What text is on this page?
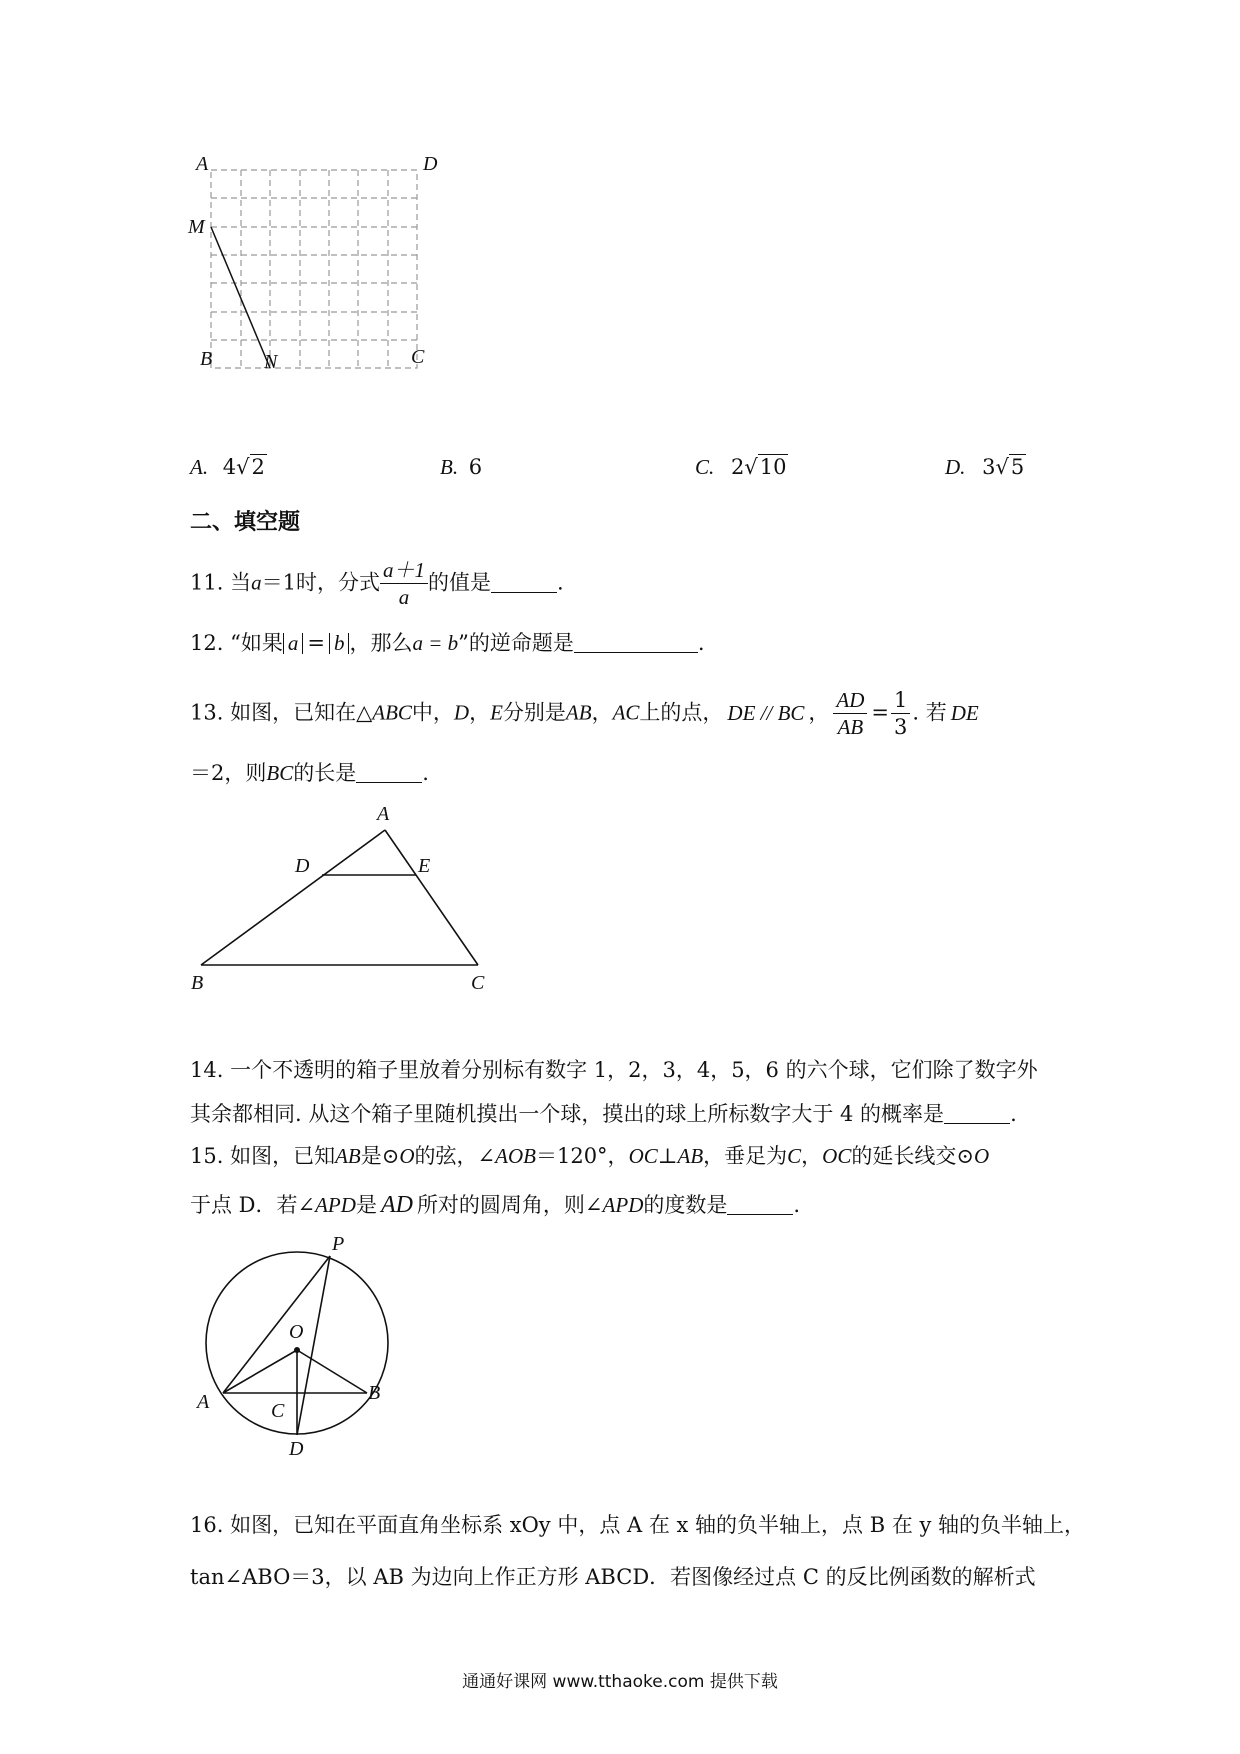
A	D
M
B	N	C
A. 4√2	B. 6	C. 2√10	D. 3√5
二、填空题
11. 当a＝1时，分式 $\frac{a+1}{a}$ 的值是	.
12. “如果 a = b ，那么a = b”的逆命题是	.
13. 如图，已知在△ABC中，D，E分别是AB，AC上的点， DE // BC ， $\frac{AD}{AB} = \frac{1}{3}$ . 若 DE
＝2，则BC的长是	.
A
D	E
B	C
14. 一个不透明的箱子里放着分别标有数字 1，2，3，4，5，6 的六个球，它们除了数字外
其余都相同. 从这个箱子里随机摸出一个球，摸出的球上所标数字大于 4 的概率是	.
15. 如图，已知AB是⊙O的弦，∠AOB＝120°，OC⊥AB，垂足为C，OC的延长线交⊙O
于点 D．若∠APD是 AD 所对的圆周角，则∠APD的度数是	.
P
O
A	B
C
D
16. 如图，已知在平面直角坐标系 xOy 中，点 A 在 x 轴的负半轴上，点 B 在 y 轴的负半轴上，
tan∠ABO＝3，以 AB 为边向上作正方形 ABCD．若图像经过点 C 的反比例函数的解析式
通通好课网 www.tthaoke.com 提供下载
